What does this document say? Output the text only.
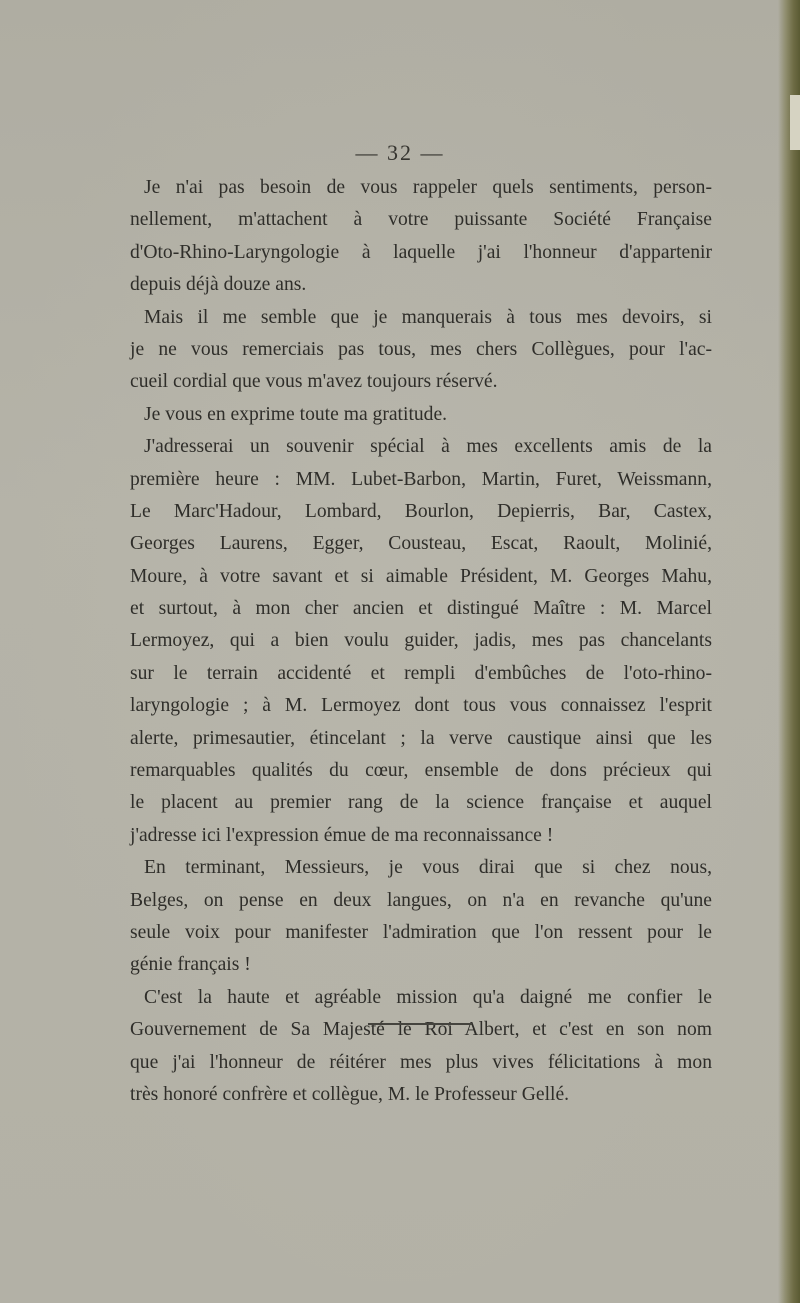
— 32 —
Je n'ai pas besoin de vous rappeler quels sentiments, person-
nellement, m'attachent à votre puissante Société Française
d'Oto-Rhino-Laryngologie à laquelle j'ai l'honneur d'appartenir
depuis déjà douze ans.
Mais il me semble que je manquerais à tous mes devoirs, si
je ne vous remerciais pas tous, mes chers Collègues, pour l'ac-
cueil cordial que vous m'avez toujours réservé.
Je vous en exprime toute ma gratitude.
J'adresserai un souvenir spécial à mes excellents amis de la
première heure : MM. Lubet-Barbon, Martin, Furet, Weissmann,
Le Marc'Hadour, Lombard, Bourlon, Depierris, Bar, Castex,
Georges Laurens, Egger, Cousteau, Escat, Raoult, Molinié,
Moure, à votre savant et si aimable Président, M. Georges Mahu,
et surtout, à mon cher ancien et distingué Maître : M. Marcel
Lermoyez, qui a bien voulu guider, jadis, mes pas chancelants
sur le terrain accidenté et rempli d'embûches de l'oto-rhino-
laryngologie ; à M. Lermoyez dont tous vous connaissez l'esprit
alerte, primesautier, étincelant ; la verve caustique ainsi que les
remarquables qualités du cœur, ensemble de dons précieux qui
le placent au premier rang de la science française et auquel
j'adresse ici l'expression émue de ma reconnaissance !
En terminant, Messieurs, je vous dirai que si chez nous,
Belges, on pense en deux langues, on n'a en revanche qu'une
seule voix pour manifester l'admiration que l'on ressent pour le
génie français !
C'est la haute et agréable mission qu'a daigné me confier le
Gouvernement de Sa Majesté le Roi Albert, et c'est en son nom
que j'ai l'honneur de réitérer mes plus vives félicitations à mon
très honoré confrère et collègue, M. le Professeur Gellé.
